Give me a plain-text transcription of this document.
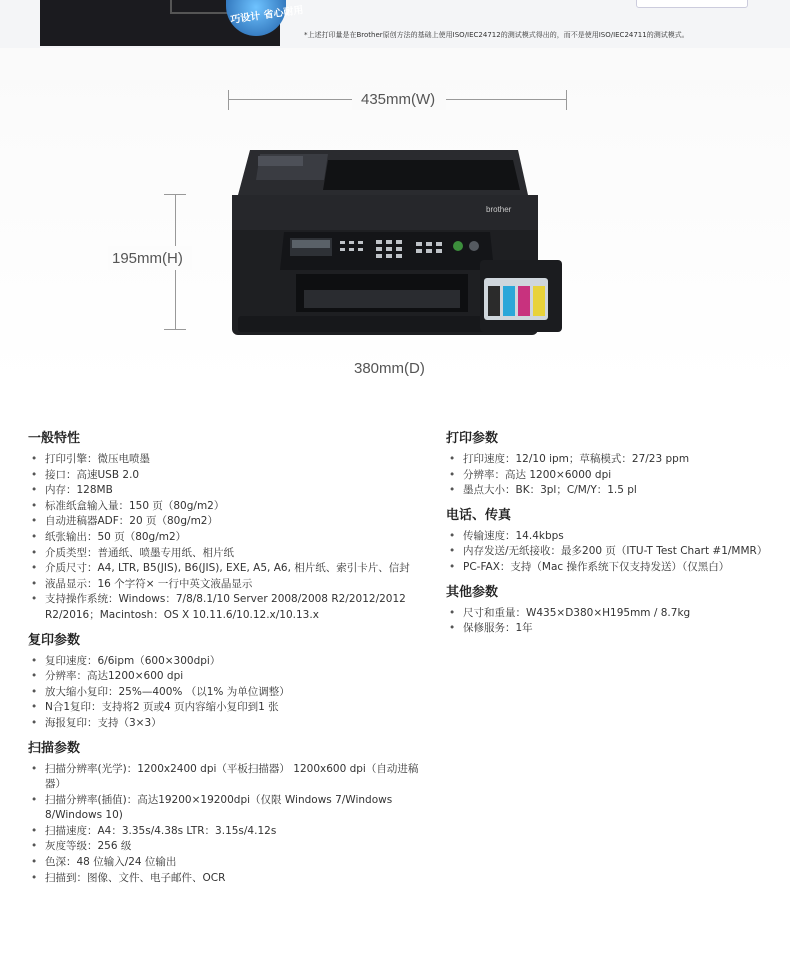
巧设计 省心耐用
*上述打印量是在Brother原创方法的基础上使用ISO/IEC24712的测试模式得出的，而不是使用ISO/IEC24711的测试模式。
435mm(W)
195mm(H)
380mm(D)
brother
一般特性
• 打印引擎：微压电喷墨
• 接口：高速USB 2.0
• 内存：128MB
• 标准纸盒输入量：150 页（80g/m2）
• 自动进稿器ADF：20 页（80g/m2）
• 纸张输出：50 页（80g/m2）
• 介质类型：普通纸、喷墨专用纸、相片纸
• 介质尺寸：A4, LTR, B5(JIS), B6(JIS), EXE, A5, A6, 相片纸、索引卡片、信封
• 液晶显示：16 个字符× 一行中英文液晶显示
• 支持操作系统：Windows：7/8/8.1/10 Server 2008/2008 R2/2012/2012 R2/2016；Macintosh：OS X 10.11.6/10.12.x/10.13.x
复印参数
• 复印速度：6/6ipm（600×300dpi）
• 分辨率：高达1200×600 dpi
• 放大缩小复印：25%—400% （以1% 为单位调整）
• N合1复印：支持将2 页或4 页内容缩小复印到1 张
• 海报复印：支持（3×3）
扫描参数
• 扫描分辨率(光学)：1200x2400 dpi（平板扫描器） 1200x600 dpi（自动进稿器）
• 扫描分辨率(插值)：高达19200×19200dpi（仅限 Windows 7/Windows 8/Windows 10)
• 扫描速度：A4：3.35s/4.38s LTR：3.15s/4.12s
• 灰度等级：256 级
• 色深：48 位输入/24 位输出
• 扫描到：图像、文件、电子邮件、OCR
打印参数
• 打印速度：12/10 ipm；草稿模式：27/23 ppm
• 分辨率：高达 1200×6000 dpi
• 墨点大小：BK：3pl；C/M/Y：1.5 pl
电话、传真
• 传输速度：14.4kbps
• 内存发送/无纸接收：最多200 页（ITU-T Test Chart #1/MMR）
• PC-FAX：支持（Mac 操作系统下仅支持发送）（仅黑白）
其他参数
• 尺寸和重量：W435×D380×H195mm / 8.7kg
• 保修服务：1年
